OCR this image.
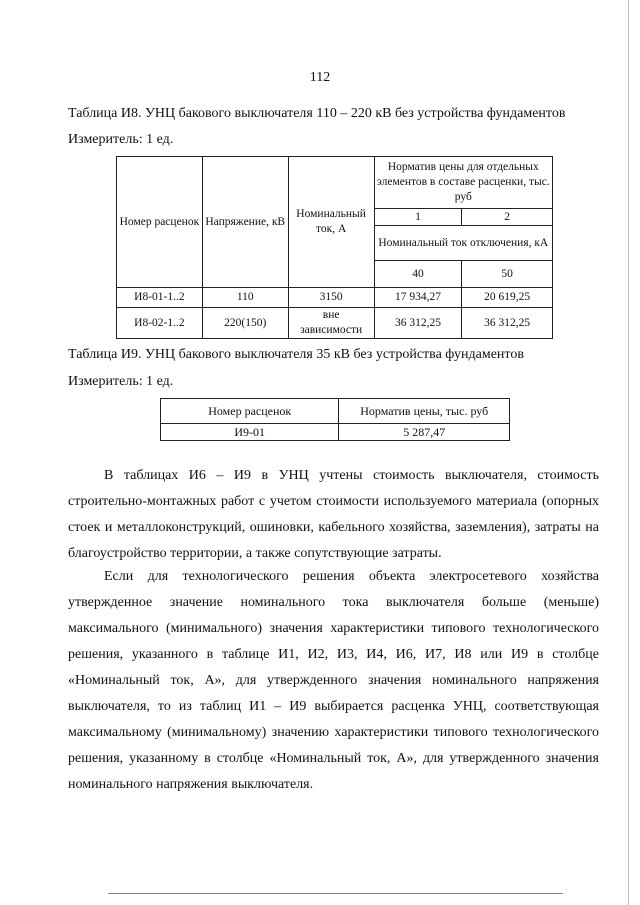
112
Таблица И8. УНЦ бакового выключателя 110 – 220 кВ без устройства фундаментов
Измеритель: 1 ед.
Номер расценок	Напряжение, кВ	Номинальный ток, А	Норматив цены для отдельных элементов в составе расценки, тыс. руб	
			1	2
			Номинальный ток отключения, кА	
			40	50
И8-01-1..2	110	3150	17 934,27	20 619,25
И8-02-1..2	220(150)	вне зависимости	36 312,25	36 312,25
Таблица И9. УНЦ бакового выключателя 35 кВ без устройства фундаментов
Измеритель: 1 ед.
Номер расценок	Норматив цены, тыс. руб
И9-01	5 287,47
В таблицах И6 – И9 в УНЦ учтены стоимость выключателя, стоимость
строительно-монтажных работ с учетом стоимости используемого материала (опорных
стоек и металлоконструкций, ошиновки, кабельного хозяйства, заземления), затраты на
благоустройство территории, а также сопутствующие затраты.
Если для технологического решения объекта электросетевого хозяйства
утвержденное значение номинального тока выключателя больше (меньше)
максимального (минимального) значения характеристики типового технологического
решения, указанного в таблице И1, И2, И3, И4, И6, И7, И8 или И9 в столбце
«Номинальный ток, А», для утвержденного значения номинального напряжения
выключателя, то из таблиц И1 – И9 выбирается расценка УНЦ, соответствующая
максимальному (минимальному) значению характеристики типового технологического
решения, указанному в столбце «Номинальный ток, А», для утвержденного значения
номинального напряжения выключателя.
